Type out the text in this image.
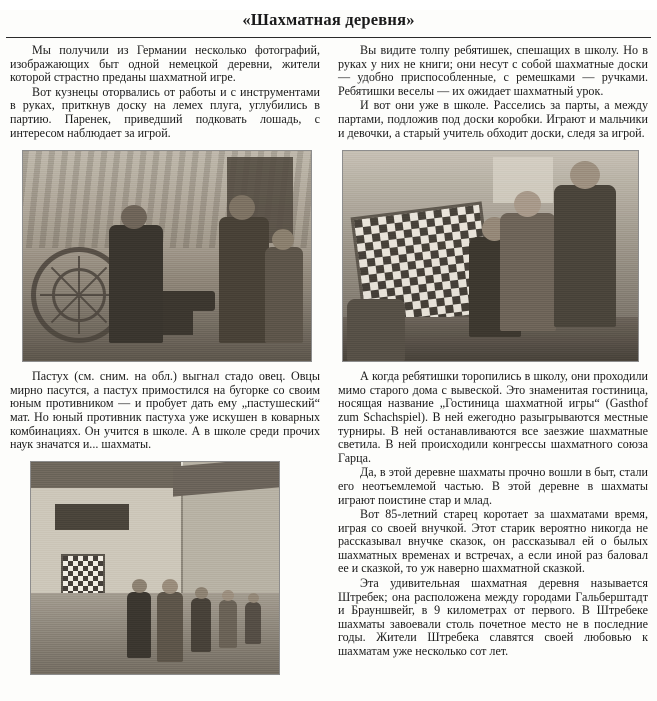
«Шахматная деревня»

Мы получили из Германии несколько фотографий, изображающих быт одной немецкой деревни, жители которой страстно преданы шахматной игре.

Вот кузнецы оторвались от работы и с инструментами в руках, приткнув доску на лемех плуга, углубились в партию. Паренек, приведший подковать лошадь, с интересом наблюдает за игрой.

Вы видите толпу ребятишек, спешащих в школу. Но в руках у них не книги; они несут с собой шахматные доски — удобно приспособленные, с ремешками — ручками. Ребятишки веселы — их ожидает шахматный урок.

И вот они уже в школе. Расселись за парты, а между партами, подложив под доски коробки. Играют и мальчики и девочки, а старый учитель обходит доски, следя за игрой.

Пастух (см. сним. на обл.) выгнал стадо овец. Овцы мирно пасутся, а пастух примостился на бугорке со своим юным противником — и пробует дать ему „пастушеский“ мат. Но юный противник пастуха уже искушен в коварных комбинациях. Он учится в школе. А в школе среди прочих наук значатся и... шахматы.

А когда ребятишки торопились в школу, они проходили мимо старого дома с вывеской. Это знаменитая гостиница, носящая название „Гостиница шахматной игры“ (Gasthof zum Schachspiel). В ней ежегодно разыгрываются местные турниры. В ней останавливаются все заезжие шахматные светила. В ней происходили конгрессы шахматного союза Гарца.

Да, в этой деревне шахматы прочно вошли в быт, стали его неотъемлемой частью. В этой деревне в шахматы играют поистине стар и млад.

Вот 85-летний старец коротает за шахматами время, играя со своей внучкой. Этот старик вероятно никогда не рассказывал внучке сказок, он рассказывал ей о былых шахматных временах и встречах, а если иной раз баловал ее и сказкой, то уж наверно шахматной сказкой.

Эта удивительная шахматная деревня называется Штребек; она расположена между городами Гальберштадт и Брауншвейг, в 9 километрах от первого. В Штребеке шахматы завоевали столь почетное место не в последние годы. Жители Штребека славятся своей любовью к шахматам уже несколько сот лет.
